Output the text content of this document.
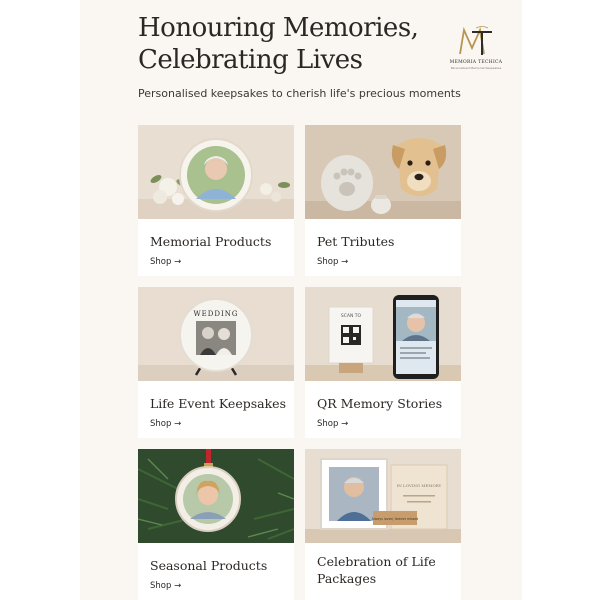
Honouring Memories,
Celebrating Lives	MEMORIA TECHICA
Personalised Memorial Keepsakes
Personalised keepsakes to cherish life's precious moments
Memorial Products
Shop →
Pet Tributes
Shop →
WEDDING
Life Event Keepsakes
Shop →
SCAN TO
QR Memory Stories
Shop →
Seasonal Products
Shop →
IN LOVING MEMORY
Always loved, forever missed
Celebration of Life Packages
